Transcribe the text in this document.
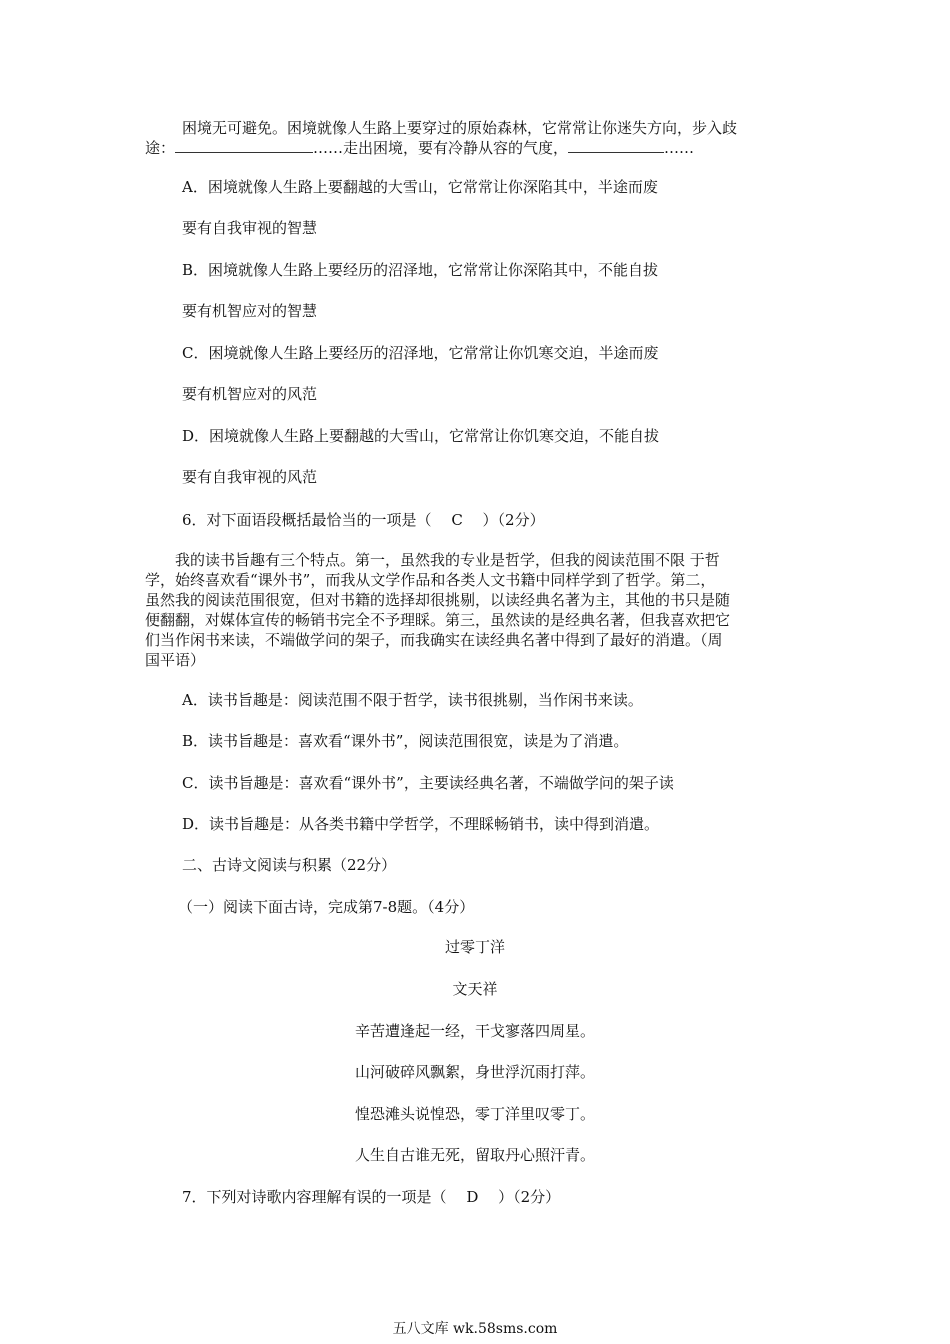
困境无可避免。困境就像人生路上要穿过的原始森林，它常常让你迷失方向，步入歧
途：	……走出困境，要有冷静从容的气度，	……
A．困境就像人生路上要翻越的大雪山，它常常让你深陷其中，半途而废
要有自我审视的智慧
B．困境就像人生路上要经历的沼泽地，它常常让你深陷其中，不能自拔
要有机智应对的智慧
C．困境就像人生路上要经历的沼泽地，它常常让你饥寒交迫，半途而废
要有机智应对的风范
D．困境就像人生路上要翻越的大雪山，它常常让你饥寒交迫，不能自拔
要有自我审视的风范
6．对下面语段概括最恰当的一项是（　 C　 ）（2分）
　　我的读书旨趣有三个特点。第一，虽然我的专业是哲学，但我的阅读范围不限 于哲
学，始终喜欢看“课外书”，而我从文学作品和各类人文书籍中同样学到了哲学。第二，
虽然我的阅读范围很宽，但对书籍的选择却很挑剔，以读经典名著为主，其他的书只是随
便翻翻，对媒体宣传的畅销书完全不予理睬。第三，虽然读的是经典名著，但我喜欢把它
们当作闲书来读，不端做学问的架子，而我确实在读经典名著中得到了最好的消遣。（周
国平语）
A．读书旨趣是：阅读范围不限于哲学，读书很挑剔，当作闲书来读。
B．读书旨趣是：喜欢看“课外书”，阅读范围很宽，读是为了消遣。
C．读书旨趣是：喜欢看“课外书”，主要读经典名著，不端做学问的架子读
D．读书旨趣是：从各类书籍中学哲学，不理睬畅销书，读中得到消遣。
二、古诗文阅读与积累（22分）
（一）阅读下面古诗，完成第7-8题。（4分）
过零丁洋
文天祥
辛苦遭逢起一经，干戈寥落四周星。
山河破碎风飘絮，身世浮沉雨打萍。
惶恐滩头说惶恐，零丁洋里叹零丁。
人生自古谁无死，留取丹心照汗青。
7．下列对诗歌内容理解有误的一项是（　 D　 ）（2分）
五八文库 wk.58sms.com
